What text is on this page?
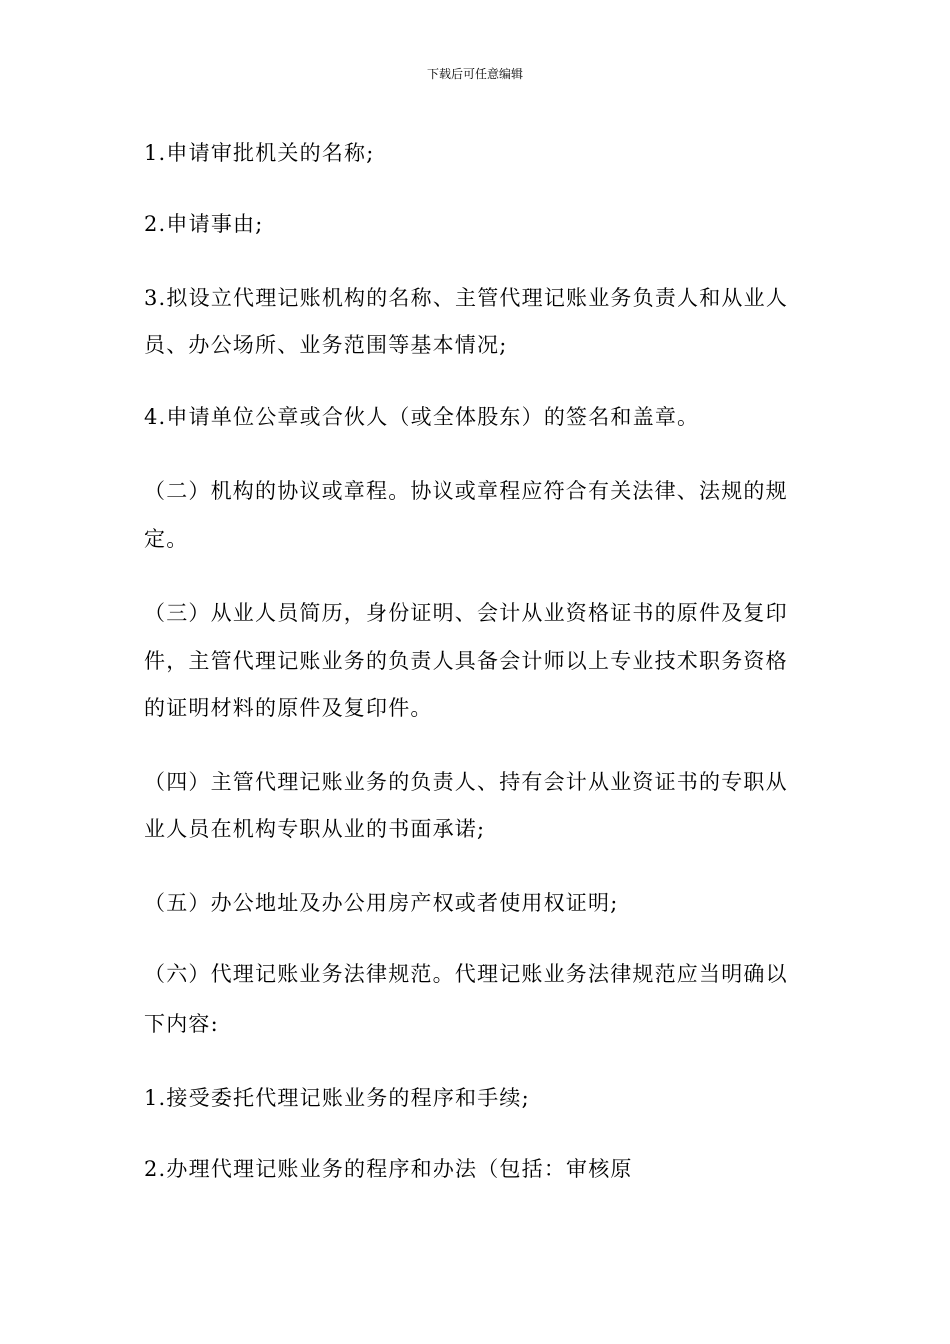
下载后可任意编辑
1.申请审批机关的名称;
2.申请事由;
3.拟设立代理记账机构的名称、主管代理记账业务负责人和从业人
员、办公场所、业务范围等基本情况;
4.申请单位公章或合伙人（或全体股东）的签名和盖章。
（二）机构的协议或章程。协议或章程应符合有关法律、法规的规
定。
（三）从业人员简历，身份证明、会计从业资格证书的原件及复印
件，主管代理记账业务的负责人具备会计师以上专业技术职务资格
的证明材料的原件及复印件。
（四）主管代理记账业务的负责人、持有会计从业资证书的专职从
业人员在机构专职从业的书面承诺;
（五）办公地址及办公用房产权或者使用权证明;
（六）代理记账业务法律规范。代理记账业务法律规范应当明确以
下内容:
1.接受委托代理记账业务的程序和手续;
2.办理代理记账业务的程序和办法（包括：审核原
